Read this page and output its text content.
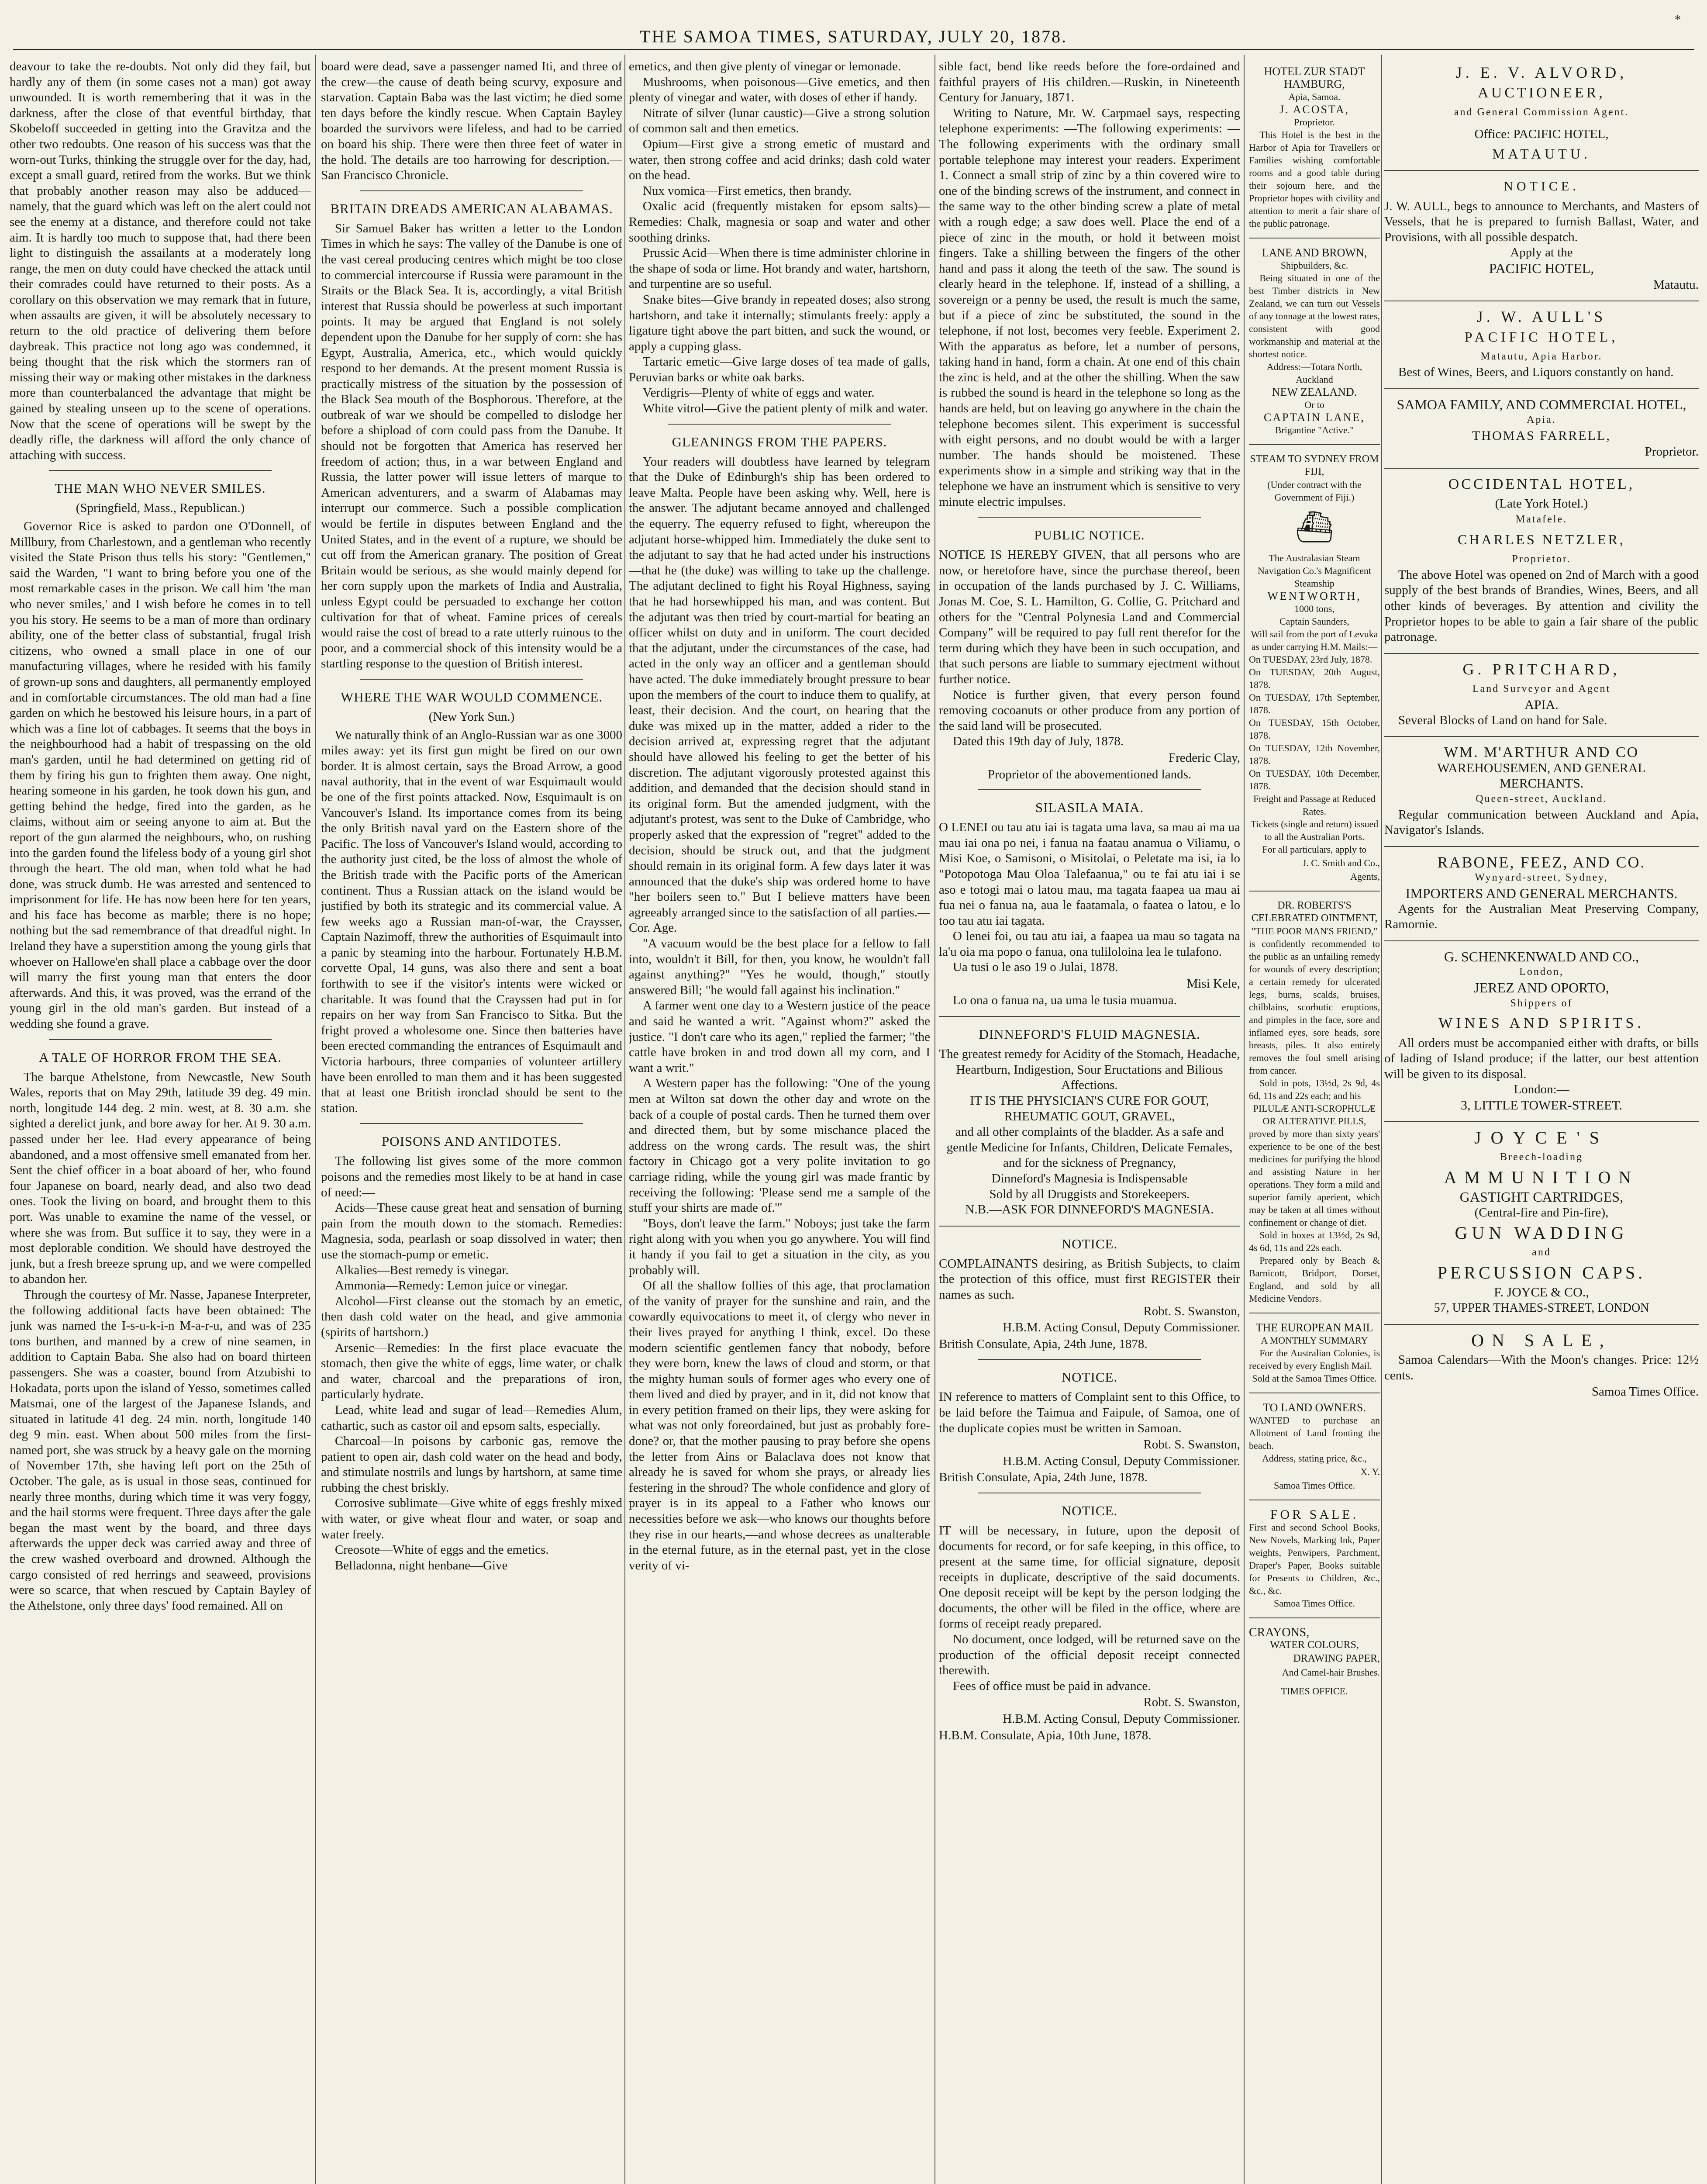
THE SAMOA TIMES, SATURDAY, JULY 20, 1878.
*

deavour to take the re-doubts. Not only did they fail, but hardly any of them (in some cases not a man) got away unwounded. It is worth remembering that it was in the darkness, after the close of that eventful birthday, that Skobeloff succeeded in getting into the Gravitza and the other two redoubts. One reason of his success was that the worn-out Turks, thinking the struggle over for the day, had, except a small guard, retired from the works. But we think that probably another reason may also be adduced—namely, that the guard which was left on the alert could not see the enemy at a distance, and therefore could not take aim. It is hardly too much to suppose that, had there been light to distinguish the assailants at a moderately long range, the men on duty could have checked the attack until their comrades could have returned to their posts. As a corollary on this observation we may remark that in future, when assaults are given, it will be absolutely necessary to return to the old practice of delivering them before daybreak. This practice not long ago was condemned, it being thought that the risk which the stormers ran of missing their way or making other mistakes in the darkness more than counterbalanced the advantage that might be gained by stealing unseen up to the scene of operations. Now that the scene of operations will be swept by the deadly rifle, the darkness will afford the only chance of attaching with success.

THE MAN WHO NEVER SMILES.
(Springfield, Mass., Republican.)

Governor Rice is asked to pardon one O'Donnell, of Millbury, from Charlestown, and a gentleman who recently visited the State Prison thus tells his story: "Gentlemen," said the Warden, "I want to bring before you one of the most remarkable cases in the prison. We call him 'the man who never smiles,' and I wish before he comes in to tell you his story. He seems to be a man of more than ordinary ability, one of the better class of substantial, frugal Irish citizens, who owned a small place in one of our manufacturing villages, where he resided with his family of grown-up sons and daughters, all permanently employed and in comfortable circumstances. The old man had a fine garden on which he bestowed his leisure hours, in a part of which was a fine lot of cabbages. It seems that the boys in the neighbourhood had a habit of trespassing on the old man's garden, until he had determined on getting rid of them by firing his gun to frighten them away. One night, hearing someone in his garden, he took down his gun, and getting behind the hedge, fired into the garden, as he claims, without aim or seeing anyone to aim at. But the report of the gun alarmed the neighbours, who, on rushing into the garden found the lifeless body of a young girl shot through the heart. The old man, when told what he had done, was struck dumb. He was arrested and sentenced to imprisonment for life. He has now been here for ten years, and his face has become as marble; there is no hope; nothing but the sad remembrance of that dreadful night. In Ireland they have a superstition among the young girls that whoever on Hallowe'en shall place a cabbage over the door will marry the first young man that enters the door afterwards. And this, it was proved, was the errand of the young girl in the old man's garden. But instead of a wedding she found a grave.

A TALE OF HORROR FROM THE SEA.

The barque Athelstone, from Newcastle, New South Wales, reports that on May 29th, latitude 39 deg. 49 min. north, longitude 144 deg. 2 min. west, at 8. 30 a.m. she sighted a derelict junk, and bore away for her. At 9. 30 a.m. passed under her lee. Had every appearance of being abandoned, and a most offensive smell emanated from her. Sent the chief officer in a boat aboard of her, who found four Japanese on board, nearly dead, and also two dead ones. Took the living on board, and brought them to this port. Was unable to examine the name of the vessel, or where she was from. But suffice it to say, they were in a most deplorable condition. We should have destroyed the junk, but a fresh breeze sprung up, and we were compelled to abandon her.

Through the courtesy of Mr. Nasse, Japanese Interpreter, the following additional facts have been obtained: The junk was named the I-s-u-k-i-n M-a-r-u, and was of 235 tons burthen, and manned by a crew of nine seamen, in addition to Captain Baba. She also had on board thirteen passengers. She was a coaster, bound from Atzubishi to Hokadata, ports upon the island of Yesso, sometimes called Matsmai, one of the largest of the Japanese Islands, and situated in latitude 41 deg. 24 min. north, longitude 140 deg 9 min. east. When about 500 miles from the first-named port, she was struck by a heavy gale on the morning of November 17th, she having left port on the 25th of October. The gale, as is usual in those seas, continued for nearly three months, during which time it was very foggy, and the hail storms were frequent. Three days after the gale began the mast went by the board, and three days afterwards the upper deck was carried away and three of the crew washed overboard and drowned. Although the cargo consisted of red herrings and seaweed, provisions were so scarce, that when rescued by Captain Bayley of the Athelstone, only three days' food remained. All on

board were dead, save a passenger named Iti, and three of the crew—the cause of death being scurvy, exposure and starvation. Captain Baba was the last victim; he died some ten days before the kindly rescue. When Captain Bayley boarded the survivors were lifeless, and had to be carried on board his ship. There were then three feet of water in the hold. The details are too harrowing for description.—San Francisco Chronicle.

BRITAIN DREADS AMERICAN ALABAMAS.

Sir Samuel Baker has written a letter to the London Times in which he says: The valley of the Danube is one of the vast cereal producing centres which might be too close to commercial intercourse if Russia were paramount in the Straits or the Black Sea. It is, accordingly, a vital British interest that Russia should be powerless at such important points. It may be argued that England is not solely dependent upon the Danube for her supply of corn: she has Egypt, Australia, America, etc., which would quickly respond to her demands. At the present moment Russia is practically mistress of the situation by the possession of the Black Sea mouth of the Bosphorous. Therefore, at the outbreak of war we should be compelled to dislodge her before a shipload of corn could pass from the Danube. It should not be forgotten that America has reserved her freedom of action; thus, in a war between England and Russia, the latter power will issue letters of marque to American adventurers, and a swarm of Alabamas may interrupt our commerce. Such a possible complication would be fertile in disputes between England and the United States, and in the event of a rupture, we should be cut off from the American granary. The position of Great Britain would be serious, as she would mainly depend for her corn supply upon the markets of India and Australia, unless Egypt could be persuaded to exchange her cotton cultivation for that of wheat. Famine prices of cereals would raise the cost of bread to a rate utterly ruinous to the poor, and a commercial shock of this intensity would be a startling response to the question of British interest.

WHERE THE WAR WOULD COMMENCE.
(New York Sun.)

We naturally think of an Anglo-Russian war as one 3000 miles away: yet its first gun might be fired on our own border. It is almost certain, says the Broad Arrow, a good naval authority, that in the event of war Esquimault would be one of the first points attacked. Now, Esquimault is on Vancouver's Island. Its importance comes from its being the only British naval yard on the Eastern shore of the Pacific. The loss of Vancouver's Island would, according to the authority just cited, be the loss of almost the whole of the British trade with the Pacific ports of the American continent. Thus a Russian attack on the island would be justified by both its strategic and its commercial value. A few weeks ago a Russian man-of-war, the Craysser, Captain Nazimoff, threw the authorities of Esquimault into a panic by steaming into the harbour. Fortunately H.B.M. corvette Opal, 14 guns, was also there and sent a boat forthwith to see if the visitor's intents were wicked or charitable. It was found that the Crayssen had put in for repairs on her way from San Francisco to Sitka. But the fright proved a wholesome one. Since then batteries have been erected commanding the entrances of Esquimault and Victoria harbours, three companies of volunteer artillery have been enrolled to man them and it has been suggested that at least one British ironclad should be sent to the station.

POISONS AND ANTIDOTES.

The following list gives some of the more common poisons and the remedies most likely to be at hand in case of need:—

Acids—These cause great heat and sensation of burning pain from the mouth down to the stomach. Remedies: Magnesia, soda, pearlash or soap dissolved in water; then use the stomach-pump or emetic.

Alkalies—Best remedy is vinegar.

Ammonia—Remedy: Lemon juice or vinegar.

Alcohol—First cleanse out the stomach by an emetic, then dash cold water on the head, and give ammonia (spirits of hartshorn.)

Arsenic—Remedies: In the first place evacuate the stomach, then give the white of eggs, lime water, or chalk and water, charcoal and the preparations of iron, particularly hydrate.

Lead, white lead and sugar of lead—Remedies Alum, cathartic, such as castor oil and epsom salts, especially.

Charcoal—In poisons by carbonic gas, remove the patient to open air, dash cold water on the head and body, and stimulate nostrils and lungs by hartshorn, at same time rubbing the chest briskly.

Corrosive sublimate—Give white of eggs freshly mixed with water, or give wheat flour and water, or soap and water freely.

Creosote—White of eggs and the emetics.

Belladonna, night henbane—Give

emetics, and then give plenty of vinegar or lemonade.

Mushrooms, when poisonous—Give emetics, and then plenty of vinegar and water, with doses of ether if handy.

Nitrate of silver (lunar caustic)—Give a strong solution of common salt and then emetics.

Opium—First give a strong emetic of mustard and water, then strong coffee and acid drinks; dash cold water on the head.

Nux vomica—First emetics, then brandy.

Oxalic acid (frequently mistaken for epsom salts)—Remedies: Chalk, magnesia or soap and water and other soothing drinks.

Prussic Acid—When there is time administer chlorine in the shape of soda or lime. Hot brandy and water, hartshorn, and turpentine are so useful.

Snake bites—Give brandy in repeated doses; also strong hartshorn, and take it internally; stimulants freely: apply a ligature tight above the part bitten, and suck the wound, or apply a cupping glass.

Tartaric emetic—Give large doses of tea made of galls, Peruvian barks or white oak barks.

Verdigris—Plenty of white of eggs and water.

White vitrol—Give the patient plenty of milk and water.

GLEANINGS FROM THE PAPERS.

Your readers will doubtless have learned by telegram that the Duke of Edinburgh's ship has been ordered to leave Malta. People have been asking why. Well, here is the answer. The adjutant became annoyed and challenged the equerry. The equerry refused to fight, whereupon the adjutant horse-whipped him. Immediately the duke sent to the adjutant to say that he had acted under his instructions—that he (the duke) was willing to take up the challenge. The adjutant declined to fight his Royal Highness, saying that he had horsewhipped his man, and was content. But the adjutant was then tried by court-martial for beating an officer whilst on duty and in uniform. The court decided that the adjutant, under the circumstances of the case, had acted in the only way an officer and a gentleman should have acted. The duke immediately brought pressure to bear upon the members of the court to induce them to qualify, at least, their decision. And the court, on hearing that the duke was mixed up in the matter, added a rider to the decision arrived at, expressing regret that the adjutant should have allowed his feeling to get the better of his discretion. The adjutant vigorously protested against this addition, and demanded that the decision should stand in its original form. But the amended judgment, with the adjutant's protest, was sent to the Duke of Cambridge, who properly asked that the expression of "regret" added to the decision, should be struck out, and that the judgment should remain in its original form. A few days later it was announced that the duke's ship was ordered home to have "her boilers seen to." But I believe matters have been agreeably arranged since to the satisfaction of all parties.—Cor. Age.

"A vacuum would be the best place for a fellow to fall into, wouldn't it Bill, for then, you know, he wouldn't fall against anything?" "Yes he would, though," stoutly answered Bill; "he would fall against his inclination."

A farmer went one day to a Western justice of the peace and said he wanted a writ. "Against whom?" asked the justice. "I don't care who its agen," replied the farmer; "the cattle have broken in and trod down all my corn, and I want a writ."

A Western paper has the following: "One of the young men at Wilton sat down the other day and wrote on the back of a couple of postal cards. Then he turned them over and directed them, but by some mischance placed the address on the wrong cards. The result was, the shirt factory in Chicago got a very polite invitation to go carriage riding, while the young girl was made frantic by receiving the following: 'Please send me a sample of the stuff your shirts are made of.'"

"Boys, don't leave the farm." Noboys; just take the farm right along with you when you go anywhere. You will find it handy if you fail to get a situation in the city, as you probably will.

Of all the shallow follies of this age, that proclamation of the vanity of prayer for the sunshine and rain, and the cowardly equivocations to meet it, of clergy who never in their lives prayed for anything I think, excel. Do these modern scientific gentlemen fancy that nobody, before they were born, knew the laws of cloud and storm, or that the mighty human souls of former ages who every one of them lived and died by prayer, and in it, did not know that in every petition framed on their lips, they were asking for what was not only foreordained, but just as probably fore-done? or, that the mother pausing to pray before she opens the letter from Ains or Balaclava does not know that already he is saved for whom she prays, or already lies festering in the shroud? The whole confidence and glory of prayer is in its appeal to a Father who knows our necessities before we ask—who knows our thoughts before they rise in our hearts,—and whose decrees as unalterable in the eternal future, as in the eternal past, yet in the close verity of vi-

sible fact, bend like reeds before the fore-ordained and faithful prayers of His children.—Ruskin, in Nineteenth Century for January, 1871.

Writing to Nature, Mr. W. Carpmael says, respecting telephone experiments: —The following experiments: —The following experiments with the ordinary small portable telephone may interest your readers. Experiment 1. Connect a small strip of zinc by a thin covered wire to one of the binding screws of the instrument, and connect in the same way to the other binding screw a plate of metal with a rough edge; a saw does well. Place the end of a piece of zinc in the mouth, or hold it between moist fingers. Take a shilling between the fingers of the other hand and pass it along the teeth of the saw. The sound is clearly heard in the telephone. If, instead of a shilling, a sovereign or a penny be used, the result is much the same, but if a piece of zinc be substituted, the sound in the telephone, if not lost, becomes very feeble. Experiment 2. With the apparatus as before, let a number of persons, taking hand in hand, form a chain. At one end of this chain the zinc is held, and at the other the shilling. When the saw is rubbed the sound is heard in the telephone so long as the hands are held, but on leaving go anywhere in the chain the telephone becomes silent. This experiment is successful with eight persons, and no doubt would be with a larger number. The hands should be moistened. These experiments show in a simple and striking way that in the telephone we have an instrument which is sensitive to very minute electric impulses.

PUBLIC NOTICE.

NOTICE IS HEREBY GIVEN, that all persons who are now, or heretofore have, since the purchase thereof, been in occupation of the lands purchased by J. C. Williams, Jonas M. Coe, S. L. Hamilton, G. Collie, G. Pritchard and others for the "Central Polynesia Land and Commercial Company" will be required to pay full rent therefor for the term during which they have been in such occupation, and that such persons are liable to summary ejectment without further notice.

Notice is further given, that every person found removing cocoanuts or other produce from any portion of the said land will be prosecuted.

Dated this 19th day of July, 1878.

Frederic Clay,
Proprietor of the abovementioned lands.
SILASILA MAIA.

O LENEI ou tau atu iai is tagata uma lava, sa mau ai ma ua mau iai ona po nei, i fanua na faatau anamua o Viliamu, o Misi Koe, o Samisoni, o Misitolai, o Peletate ma isi, ia lo "Potopotoga Mau Oloa Talefaanua," ou te fai atu iai i se aso e totogi mai o latou mau, ma tagata faapea ua mau ai fua nei o fanua na, aua le faatamala, o faatea o latou, e lo too tau atu iai tagata.

O lenei foi, ou tau atu iai, a faapea ua mau so tagata na la'u oia ma popo o fanua, ona tuliloloina lea le tulafono.

Ua tusi o le aso 19 o Julai, 1878.

Misi Kele,

Lo ona o fanua na, ua uma le tusia muamua.

DINNEFORD'S FLUID MAGNESIA.

The greatest remedy for Acidity of the Stomach, Headache, Heartburn, Indigestion, Sour Eructations and Bilious Affections.

IT IS THE PHYSICIAN'S CURE FOR GOUT, RHEUMATIC GOUT, GRAVEL,

and all other complaints of the bladder. As a safe and gentle Medicine for Infants, Children, Delicate Females, and for the sickness of Pregnancy,

Dinneford's Magnesia is Indispensable

Sold by all Druggists and Storekeepers.

N.B.—ASK FOR DINNEFORD'S MAGNESIA.

NOTICE.

COMPLAINANTS desiring, as British Subjects, to claim the protection of this office, must first REGISTER their names as such.

Robt. S. Swanston,
H.B.M. Acting Consul, Deputy Commissioner.

British Consulate, Apia, 24th June, 1878.

NOTICE.

IN reference to matters of Complaint sent to this Office, to be laid before the Taimua and Faipule, of Samoa, one of the duplicate copies must be written in Samoan.

Robt. S. Swanston,
H.B.M. Acting Consul, Deputy Commissioner.

British Consulate, Apia, 24th June, 1878.

NOTICE.

IT will be necessary, in future, upon the deposit of documents for record, or for safe keeping, in this office, to present at the same time, for official signature, deposit receipts in duplicate, descriptive of the said documents. One deposit receipt will be kept by the person lodging the documents, the other will be filed in the office, where are forms of receipt ready prepared.

No document, once lodged, will be returned save on the production of the official deposit receipt connected therewith.

Fees of office must be paid in advance.

Robt. S. Swanston,
H.B.M. Acting Consul, Deputy Commissioner.

H.B.M. Consulate, Apia, 10th June, 1878.

HOTEL ZUR STADT HAMBURG,
Apia, Samoa.
J. ACOSTA,
Proprietor.

This Hotel is the best in the Harbor of Apia for Travellers or Families wishing comfortable rooms and a good table during their sojourn here, and the Proprietor hopes with civility and attention to merit a fair share of the public patronage.

LANE AND BROWN,
Shipbuilders, &c.

Being situated in one of the best Timber districts in New Zealand, we can turn out Vessels of any tonnage at the lowest rates, consistent with good workmanship and material at the shortest notice.

Address:—Totara North, Auckland
NEW ZEALAND.
Or to
CAPTAIN LANE,
Brigantine "Active."
STEAM TO SYDNEY FROM FIJI,
(Under contract with the Government of Fiji.)
⛴
The Australasian Steam Navigation Co.'s Magnificent Steamship
WENTWORTH,
1000 tons,
Captain Saunders,
Will sail from the port of Levuka as under carrying H.M. Mails:—
On TUESDAY, 23rd July, 1878.
On TUESDAY, 20th August, 1878.
On TUESDAY, 17th September, 1878.
On TUESDAY, 15th October, 1878.
On TUESDAY, 12th November, 1878.
On TUESDAY, 10th December, 1878.
Freight and Passage at Reduced Rates.
Tickets (single and return) issued to all the Australian Ports.
For all particulars, apply to
J. C. Smith and Co.,
Agents,
DR. ROBERTS'S CELEBRATED OINTMENT,
"THE POOR MAN'S FRIEND,"

is confidently recommended to the public as an unfailing remedy for wounds of every description; a certain remedy for ulcerated legs, burns, scalds, bruises, chilblains, scorbutic eruptions, and pimples in the face, sore and inflamed eyes, sore heads, sore breasts, piles. It also entirely removes the foul smell arising from cancer.

Sold in pots, 13½d, 2s 9d, 4s 6d, 11s and 22s each; and his

PILULÆ ANTI-SCROPHULÆ OR ALTERATIVE PILLS,

proved by more than sixty years' experience to be one of the best medicines for purifying the blood and assisting Nature in her operations. They form a mild and superior family aperient, which may be taken at all times without confinement or change of diet.

Sold in boxes at 13½d, 2s 9d, 4s 6d, 11s and 22s each.

Prepared only by Beach & Barnicott, Bridport, Dorset, England, and sold by all Medicine Vendors.

THE EUROPEAN MAIL
A MONTHLY SUMMARY

For the Australian Colonies, is received by every English Mail.

Sold at the Samoa Times Office.
TO LAND OWNERS.

WANTED to purchase an Allotment of Land fronting the beach.

Address, stating price, &c.,
X. Y.
Samoa Times Office.
FOR SALE.

First and second School Books, New Novels, Marking Ink, Paper weights, Penwipers, Parchment, Draper's Paper, Books suitable for Presents to Children, &c., &c., &c.

Samoa Times Office.
CRAYONS,
WATER COLOURS,
DRAWING PAPER,
And Camel-hair Brushes.
TIMES OFFICE.
J. E. V. ALVORD,
AUCTIONEER,
and General Commission Agent.
Office: PACIFIC HOTEL,
MATAUTU.
NOTICE.

J. W. AULL, begs to announce to Merchants, and Masters of Vessels, that he is prepared to furnish Ballast, Water, and Provisions, with all possible despatch.

Apply at the
PACIFIC HOTEL,
Matautu.
J. W. AULL'S
PACIFIC HOTEL,
Matautu, Apia Harbor.

Best of Wines, Beers, and Liquors constantly on hand.

SAMOA FAMILY, AND COMMERCIAL HOTEL,
Apia.
THOMAS FARRELL,
Proprietor.
OCCIDENTAL HOTEL,
(Late York Hotel.)
Matafele.
CHARLES NETZLER,
Proprietor.

The above Hotel was opened on 2nd of March with a good supply of the best brands of Brandies, Wines, Beers, and all other kinds of beverages. By attention and civility the Proprietor hopes to be able to gain a fair share of the public patronage.

G. PRITCHARD,
Land Surveyor and Agent
APIA.

Several Blocks of Land on hand for Sale.

WM. M'ARTHUR AND CO
WAREHOUSEMEN, AND GENERAL
MERCHANTS.
Queen-street, Auckland.

Regular communication between Auckland and Apia, Navigator's Islands.

RABONE, FEEZ, AND CO.
Wynyard-street, Sydney,
IMPORTERS AND GENERAL MERCHANTS.

Agents for the Australian Meat Preserving Company, Ramornie.

G. SCHENKENWALD AND CO.,
London,
JEREZ AND OPORTO,
Shippers of
WINES AND SPIRITS.

All orders must be accompanied either with drafts, or bills of lading of Island produce; if the latter, our best attention will be given to its disposal.

London:—
3, LITTLE TOWER-STREET.
JOYCE'S
Breech-loading
AMMUNITION
GASTIGHT CARTRIDGES,
(Central-fire and Pin-fire),
GUN WADDING
and
PERCUSSION CAPS.
F. JOYCE & CO.,
57, UPPER THAMES-STREET, LONDON
ON SALE,

Samoa Calendars—With the Moon's changes. Price: 12½ cents.

Samoa Times Office.
